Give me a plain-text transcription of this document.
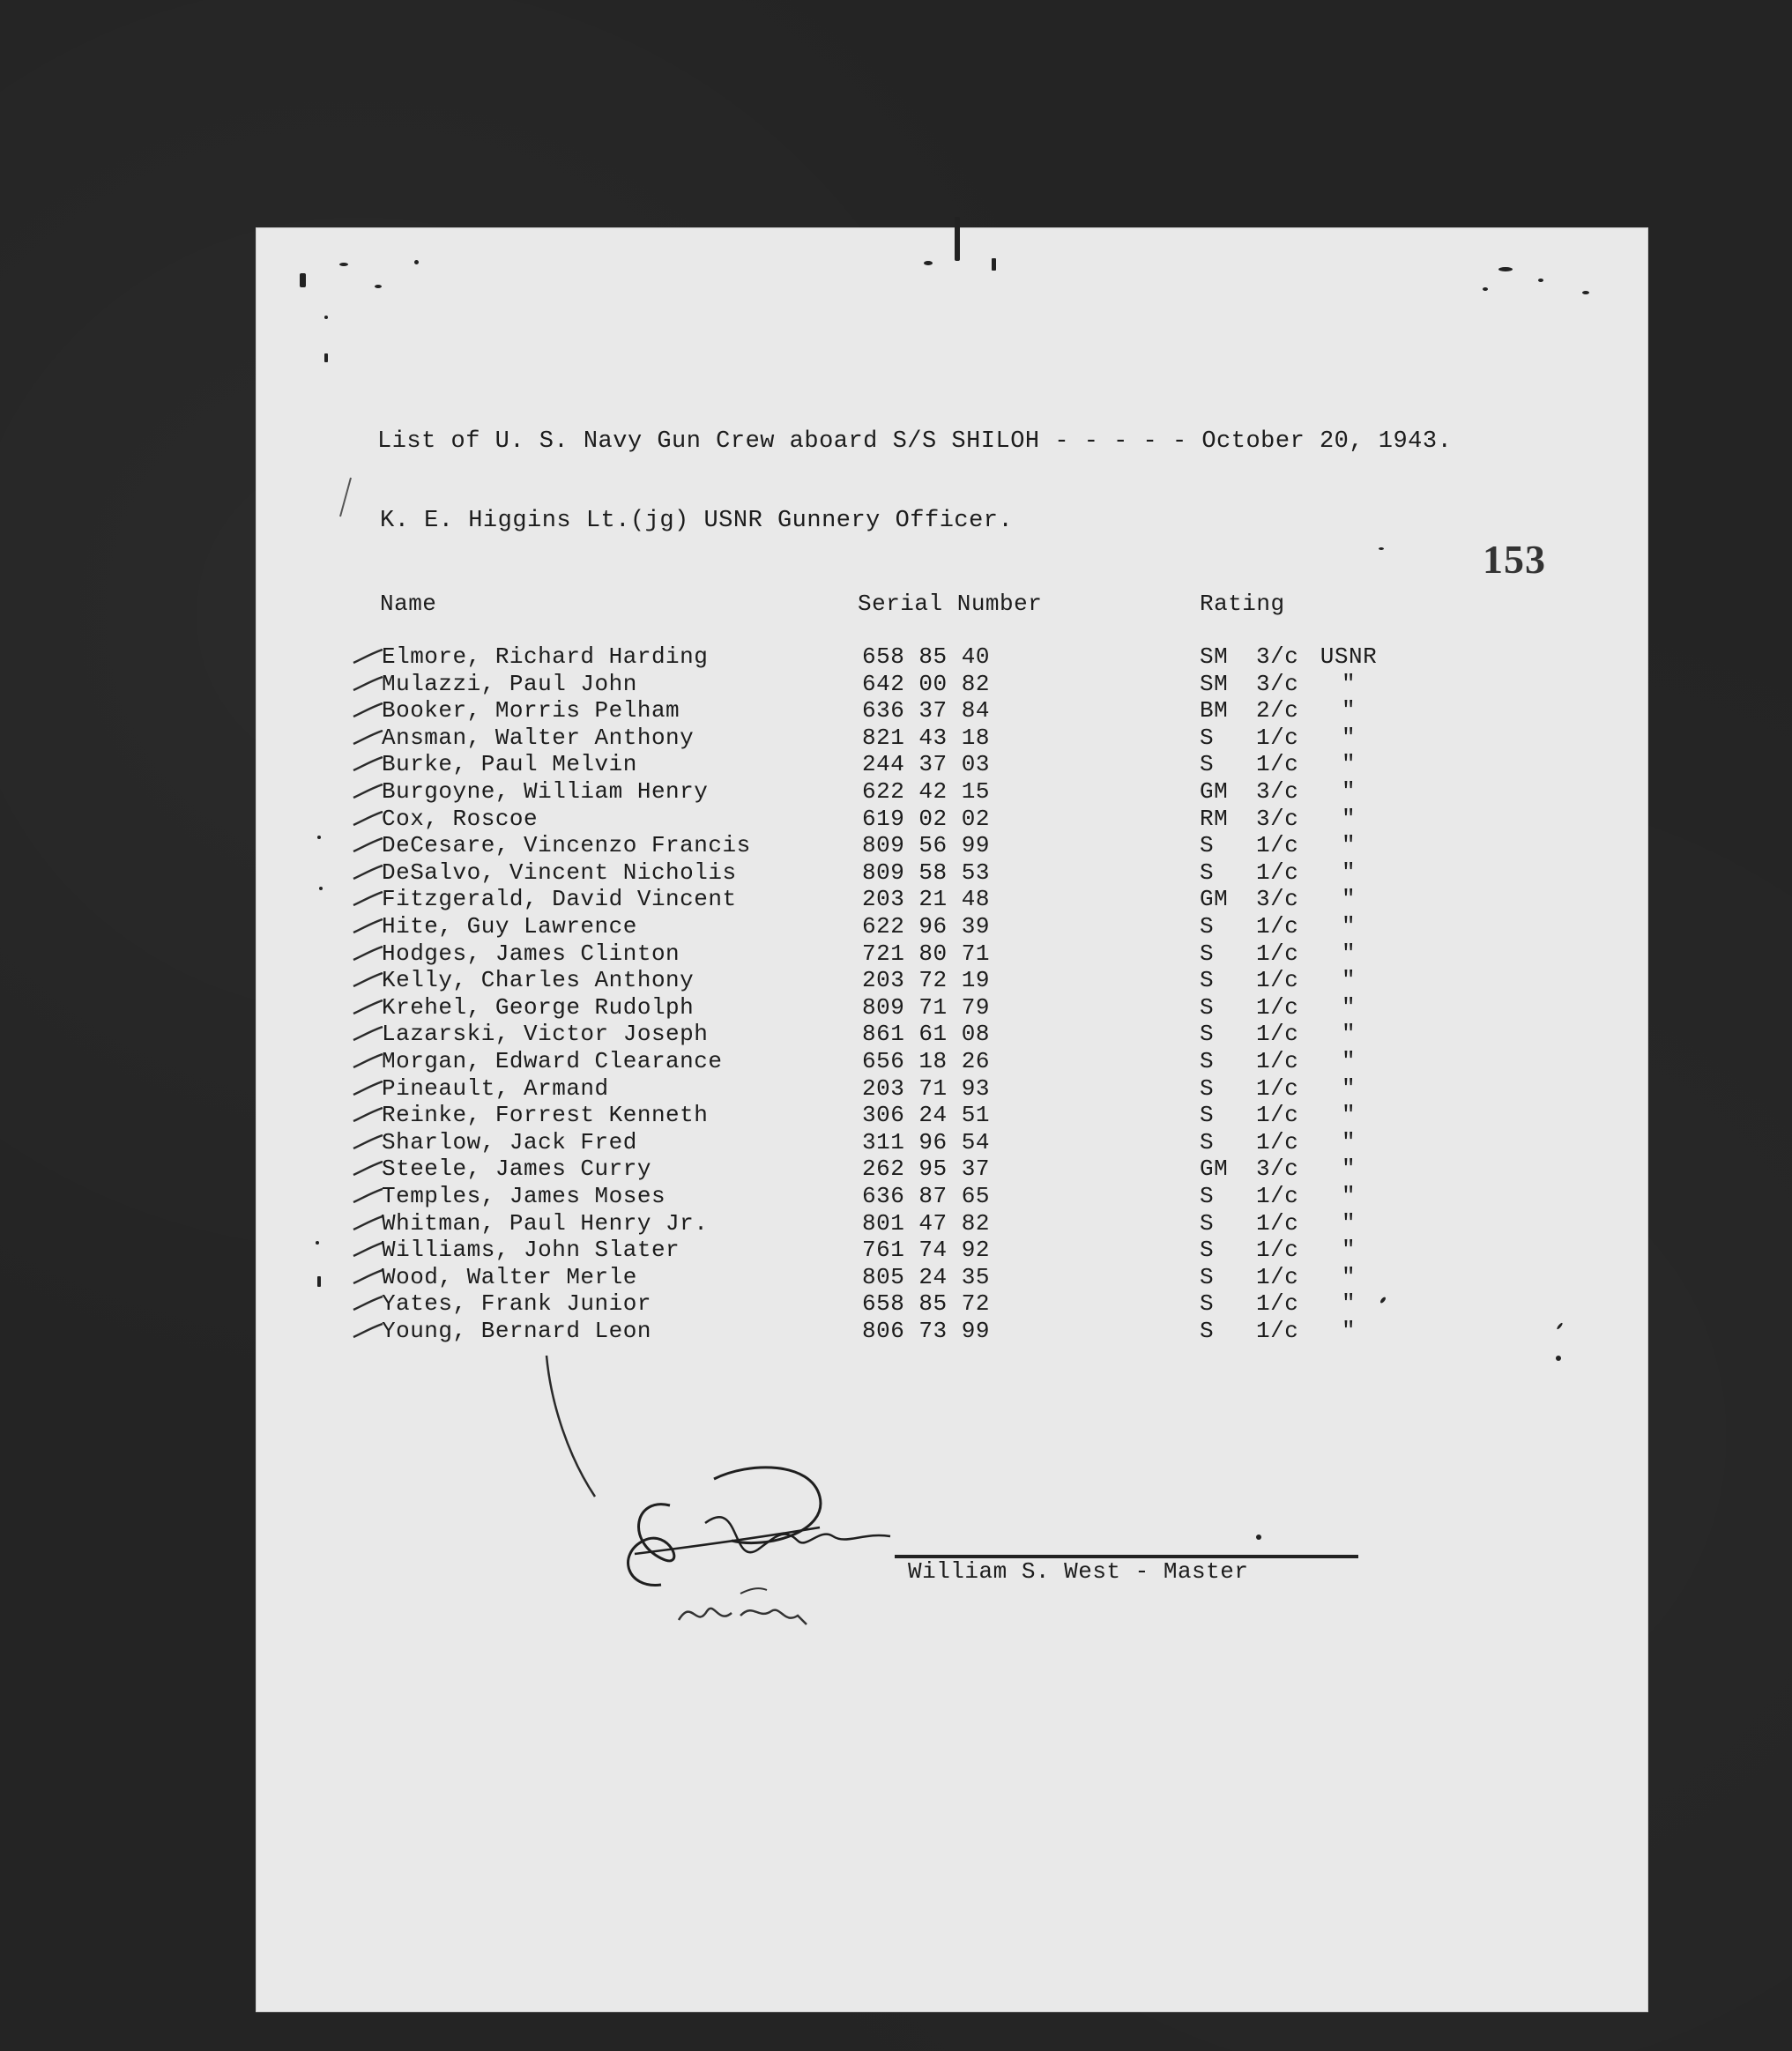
List of U. S. Navy Gun Crew aboard S/S SHILOH - - - - - October 20, 1943.
K. E. Higgins Lt.(jg) USNR Gunnery Officer.
153
Name	Serial Number	Rating
Elmore, Richard Harding	658 85 40	SM 3/c USNR
Mulazzi, Paul John	642 00 82	SM 3/c	"
Booker, Morris Pelham	636 37 84	BM 2/c	"
Ansman, Walter Anthony	821 43 18	S 1/c	"
Burke, Paul Melvin	244 37 03	S 1/c	"
Burgoyne, William Henry	622 42 15	GM 3/c	"
Cox, Roscoe	619 02 02	RM 3/c	"
DeCesare, Vincenzo Francis	809 56 99	S 1/c	"
DeSalvo, Vincent Nicholis	809 58 53	S 1/c	"
Fitzgerald, David Vincent	203 21 48	GM 3/c	"
Hite, Guy Lawrence	622 96 39	S 1/c	"
Hodges, James Clinton	721 80 71	S 1/c	"
Kelly, Charles Anthony	203 72 19	S 1/c	"
Krehel, George Rudolph	809 71 79	S 1/c	"
Lazarski, Victor Joseph	861 61 08	S 1/c	"
Morgan, Edward Clearance	656 18 26	S 1/c	"
Pineault, Armand	203 71 93	S 1/c	"
Reinke, Forrest Kenneth	306 24 51	S 1/c	"
Sharlow, Jack Fred	311 96 54	S 1/c	"
Steele, James Curry	262 95 37	GM 3/c	"
Temples, James Moses	636 87 65	S 1/c	"
Whitman, Paul Henry Jr.	801 47 82	S 1/c	"
Williams, John Slater	761 74 92	S 1/c	"
Wood, Walter Merle	805 24 35	S 1/c	"
Yates, Frank Junior	658 85 72	S 1/c	"
Young, Bernard Leon	806 73 99	S 1/c	"
William S. West - Master
